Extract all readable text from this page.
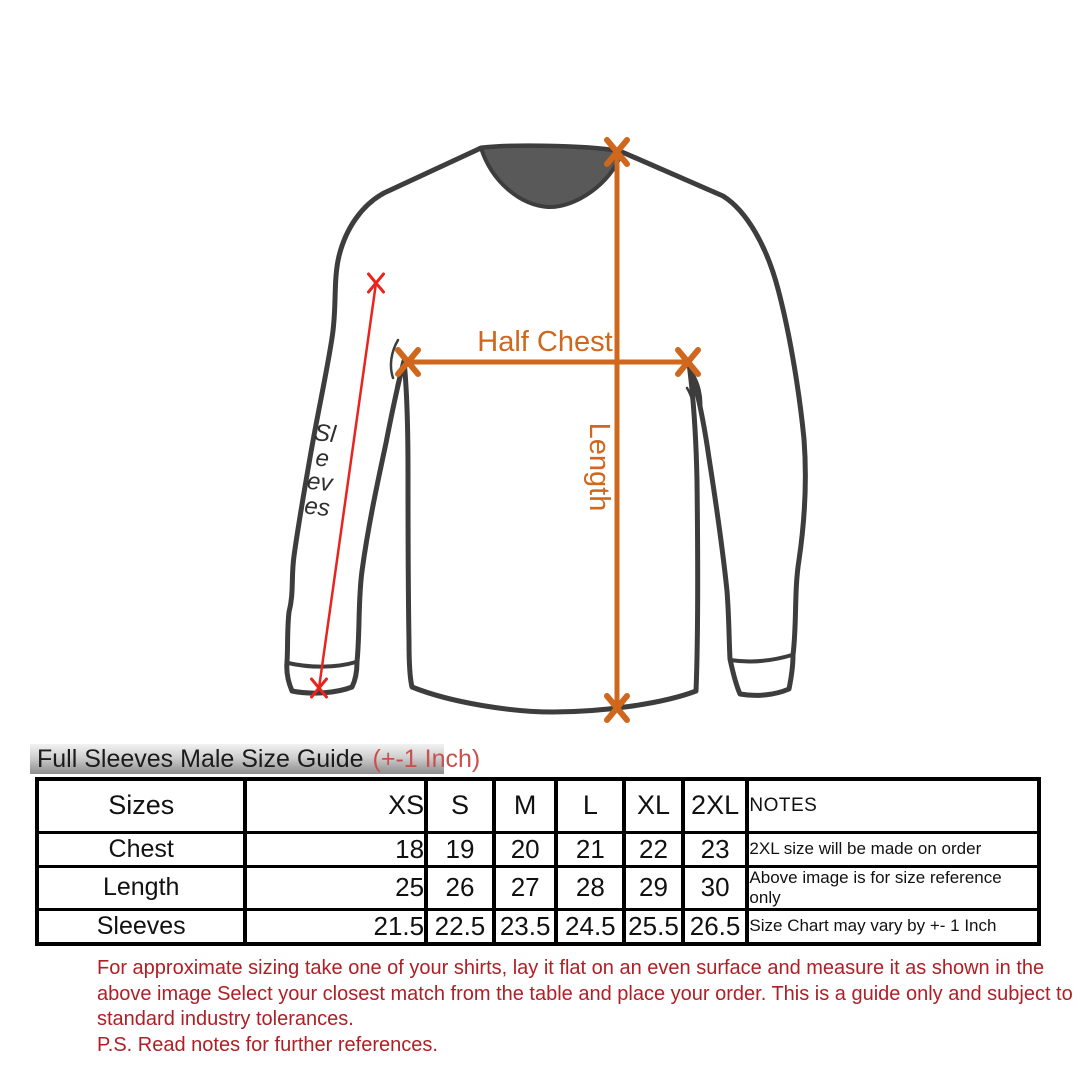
Half Chest
Length
Sleeves
Full Sleeves Male Size Guide (+-1 Inch)
Sizes	XS	S	M	L	XL	2XL	NOTES
Chest	18	19	20	21	22	23	2XL size will be made on order
Length	25	26	27	28	29	30	Above image is for size reference only
Sleeves	21.5	22.5	23.5	24.5	25.5	26.5	Size Chart may vary by +- 1 Inch
For approximate sizing take one of your shirts, lay it flat on an even surface and measure it as shown in the
above image Select your closest match from the table and place your order. This is a guide only and subject to
standard industry tolerances.
P.S. Read notes for further references.
